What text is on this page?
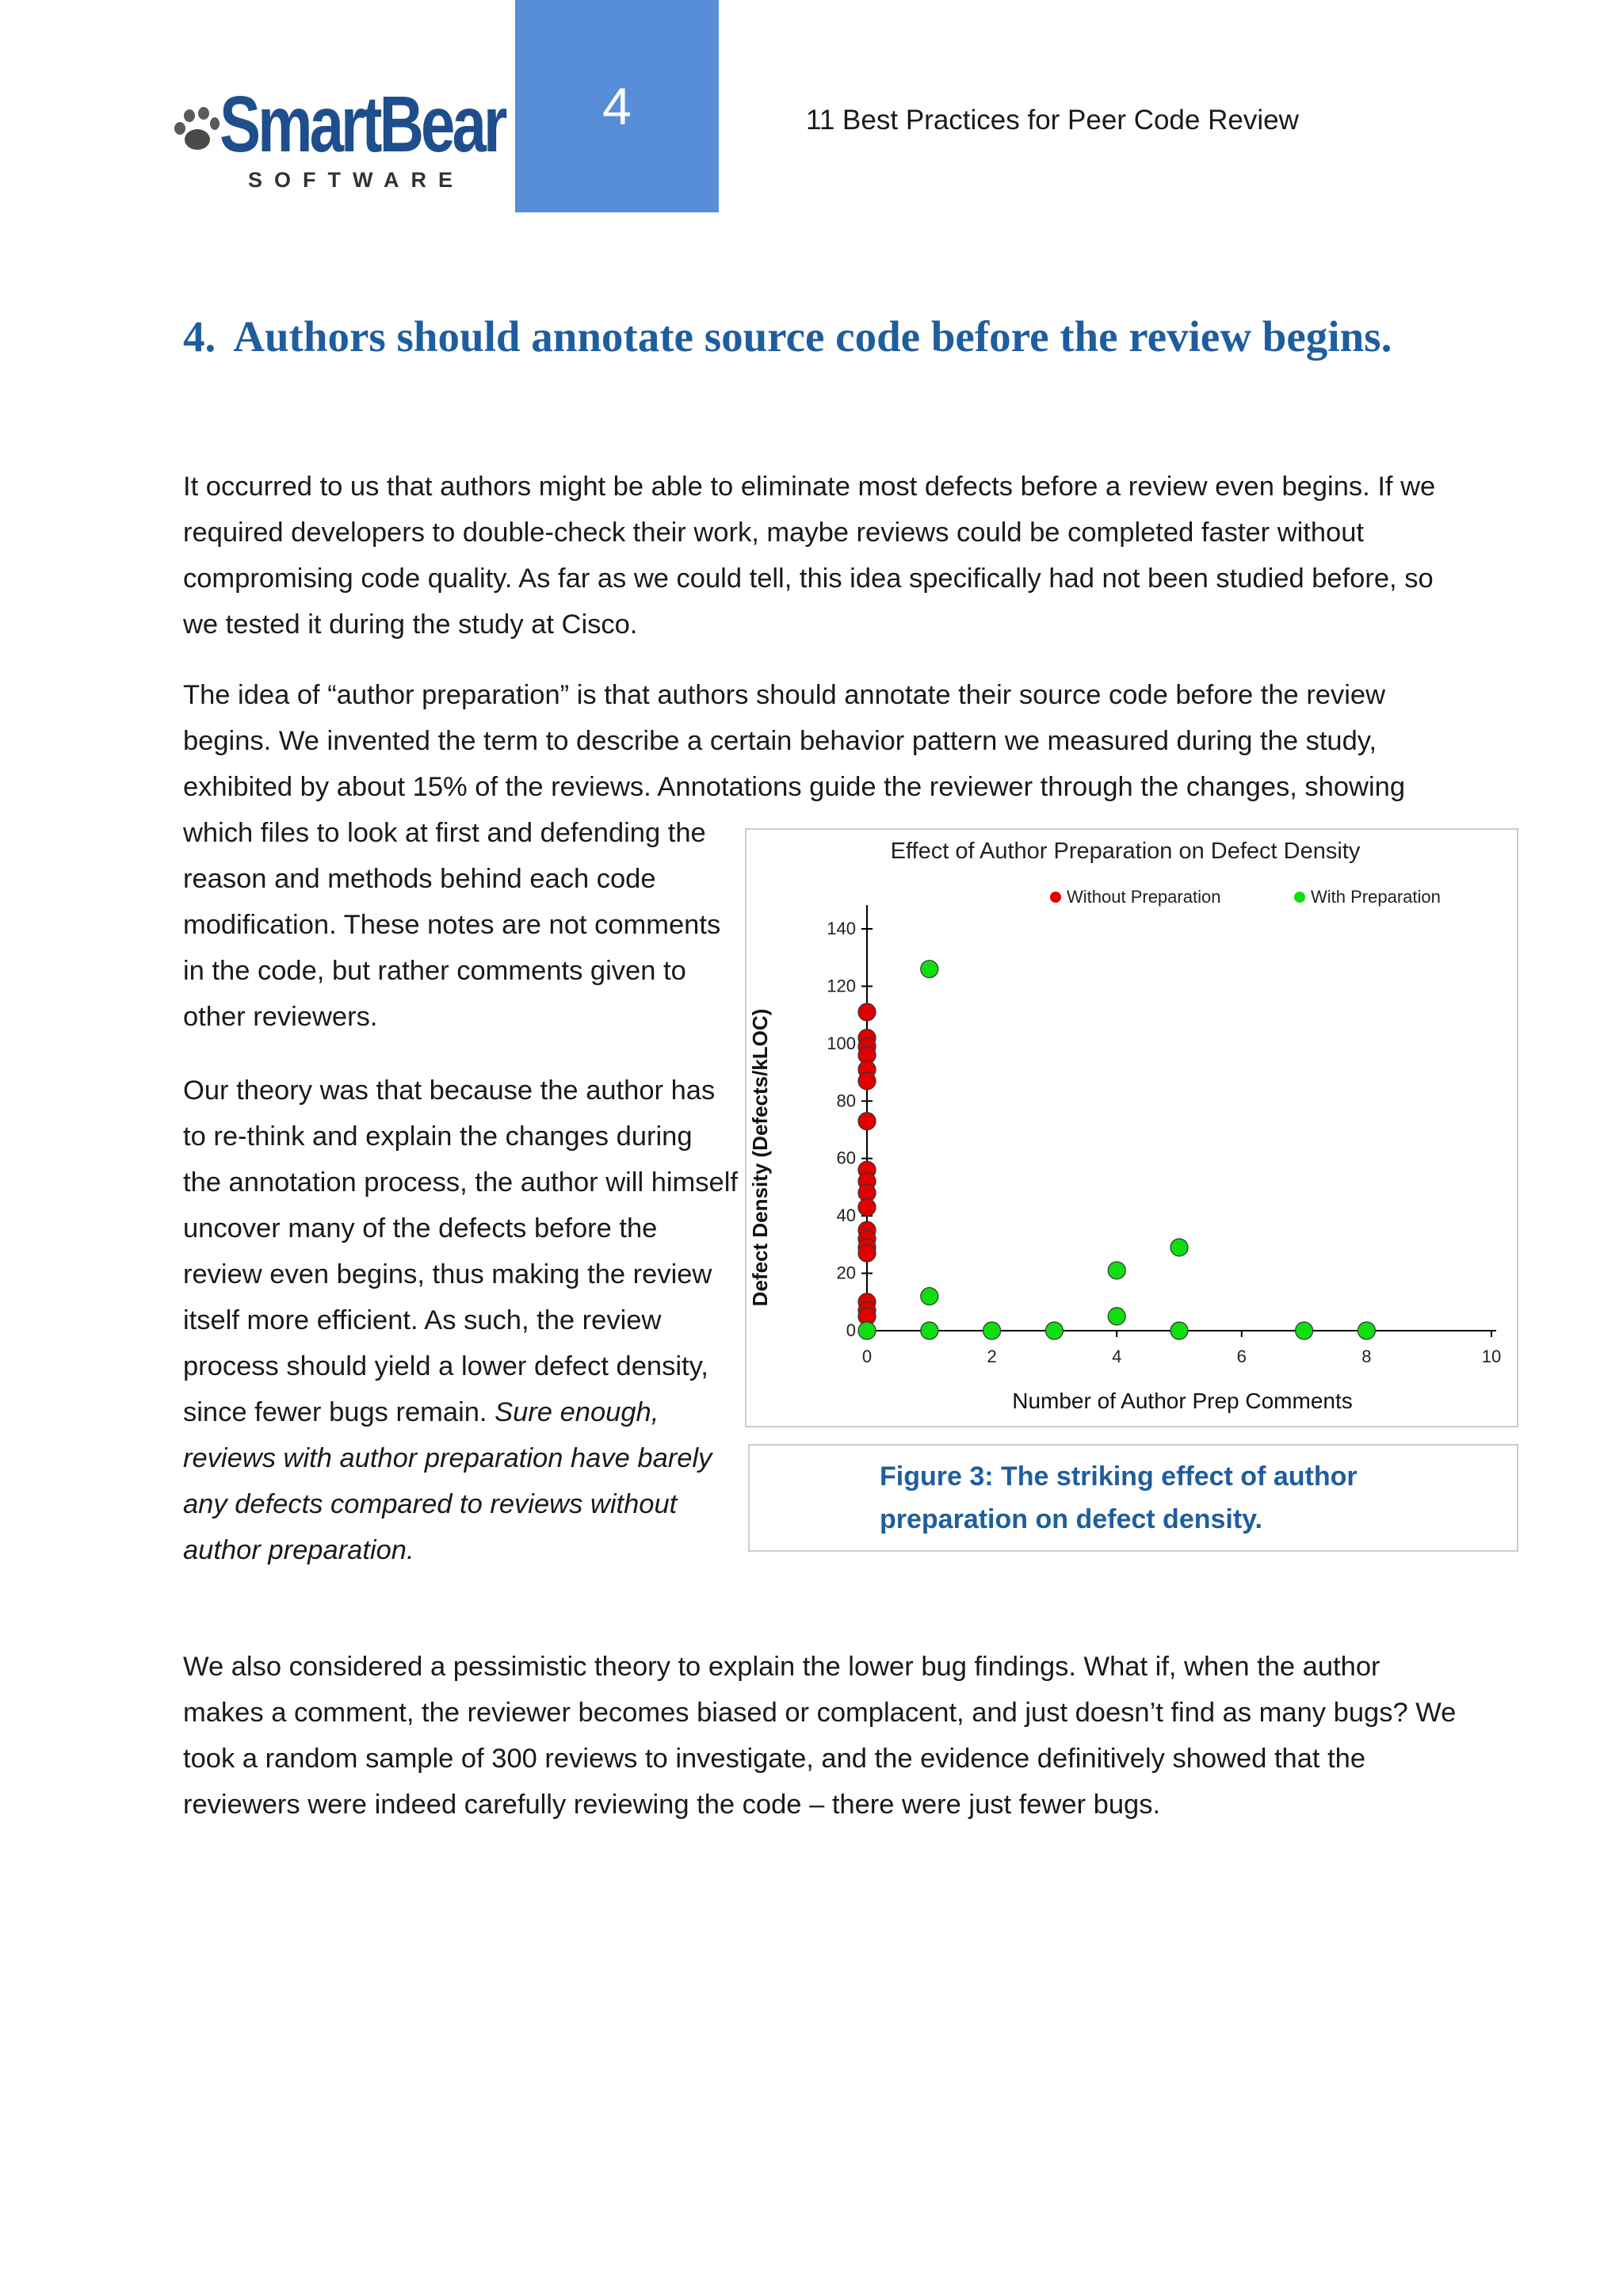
SmartBear
SOFTWARE
4	11 Best Practices for Peer Code Review
4. Authors should annotate source code before the review begins.

It occurred to us that authors might be able to eliminate most defects before a review even begins. If we required developers to double-check their work, maybe reviews could be completed faster without compromising code quality. As far as we could tell, this idea specifically had not been studied before, so we tested it during the study at Cisco.

The idea of “author preparation” is that authors should annotate their source code before the review begins. We invented the term to describe a certain behavior pattern we measured during the study, exhibited by about 15% of the reviews. Annotations guide the reviewer through the changes, showing

which files to look at first and defending the reason and methods behind each code modification. These notes are not comments in the code, but rather comments given to other reviewers.

Our theory was that because the author has to re-think and explain the changes during the annotation process, the author will himself uncover many of the defects before the review even begins, thus making the review itself more efficient. As such, the review process should yield a lower defect density, since fewer bugs remain. Sure enough, reviews with author preparation have barely any defects compared to reviews without author preparation.

We also considered a pessimistic theory to explain the lower bug findings. What if, when the author makes a comment, the reviewer becomes biased or complacent, and just doesn’t find as many bugs? We took a random sample of 300 reviews to investigate, and the evidence definitively showed that the reviewers were indeed carefully reviewing the code – there were just fewer bugs.

Effect of Author Preparation on Defect Density
Without Preparation	With Preparation
0
20
40
60
80
100
120
140
0	2	4	6	8	10
Number of Author Prep Comments
Defect Density (Defects/kLOC)

Figure 3: The striking effect of author preparation on defect density.
